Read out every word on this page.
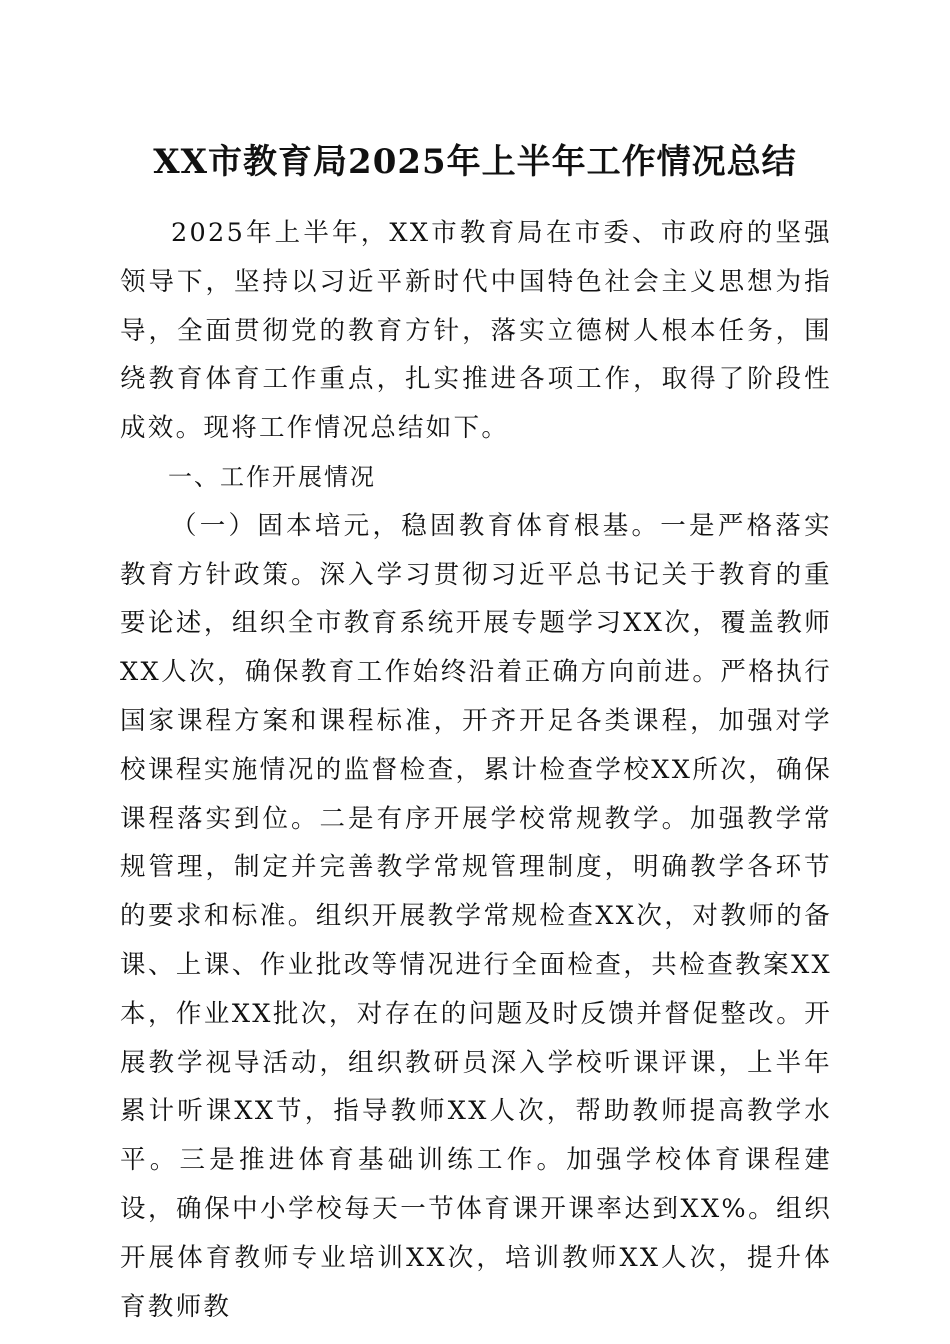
XX市教育局2025年上半年工作情况总结

2025年上半年，XX市教育局在市委、市政府的坚强领导下，坚持以习近平新时代中国特色社会主义思想为指导，全面贯彻党的教育方针，落实立德树人根本任务，围绕教育体育工作重点，扎实推进各项工作，取得了阶段性成效。现将工作情况总结如下。

一、工作开展情况

（一）固本培元，稳固教育体育根基。一是严格落实教育方针政策。深入学习贯彻习近平总书记关于教育的重要论述，组织全市教育系统开展专题学习XX次，覆盖教师XX人次，确保教育工作始终沿着正确方向前进。严格执行国家课程方案和课程标准，开齐开足各类课程，加强对学校课程实施情况的监督检查，累计检查学校XX所次，确保课程落实到位。二是有序开展学校常规教学。加强教学常规管理，制定并完善教学常规管理制度，明确教学各环节的要求和标准。组织开展教学常规检查XX次，对教师的备课、上课、作业批改等情况进行全面检查，共检查教案XX本，作业XX批次，对存在的问题及时反馈并督促整改。开展教学视导活动，组织教研员深入学校听课评课，上半年累计听课XX节，指导教师XX人次，帮助教师提高教学水平。三是推进体育基础训练工作。加强学校体育课程建设，确保中小学校每天一节体育课开课率达到XX%。组织开展体育教师专业培训XX次，培训教师XX人次，提升体育教师教
